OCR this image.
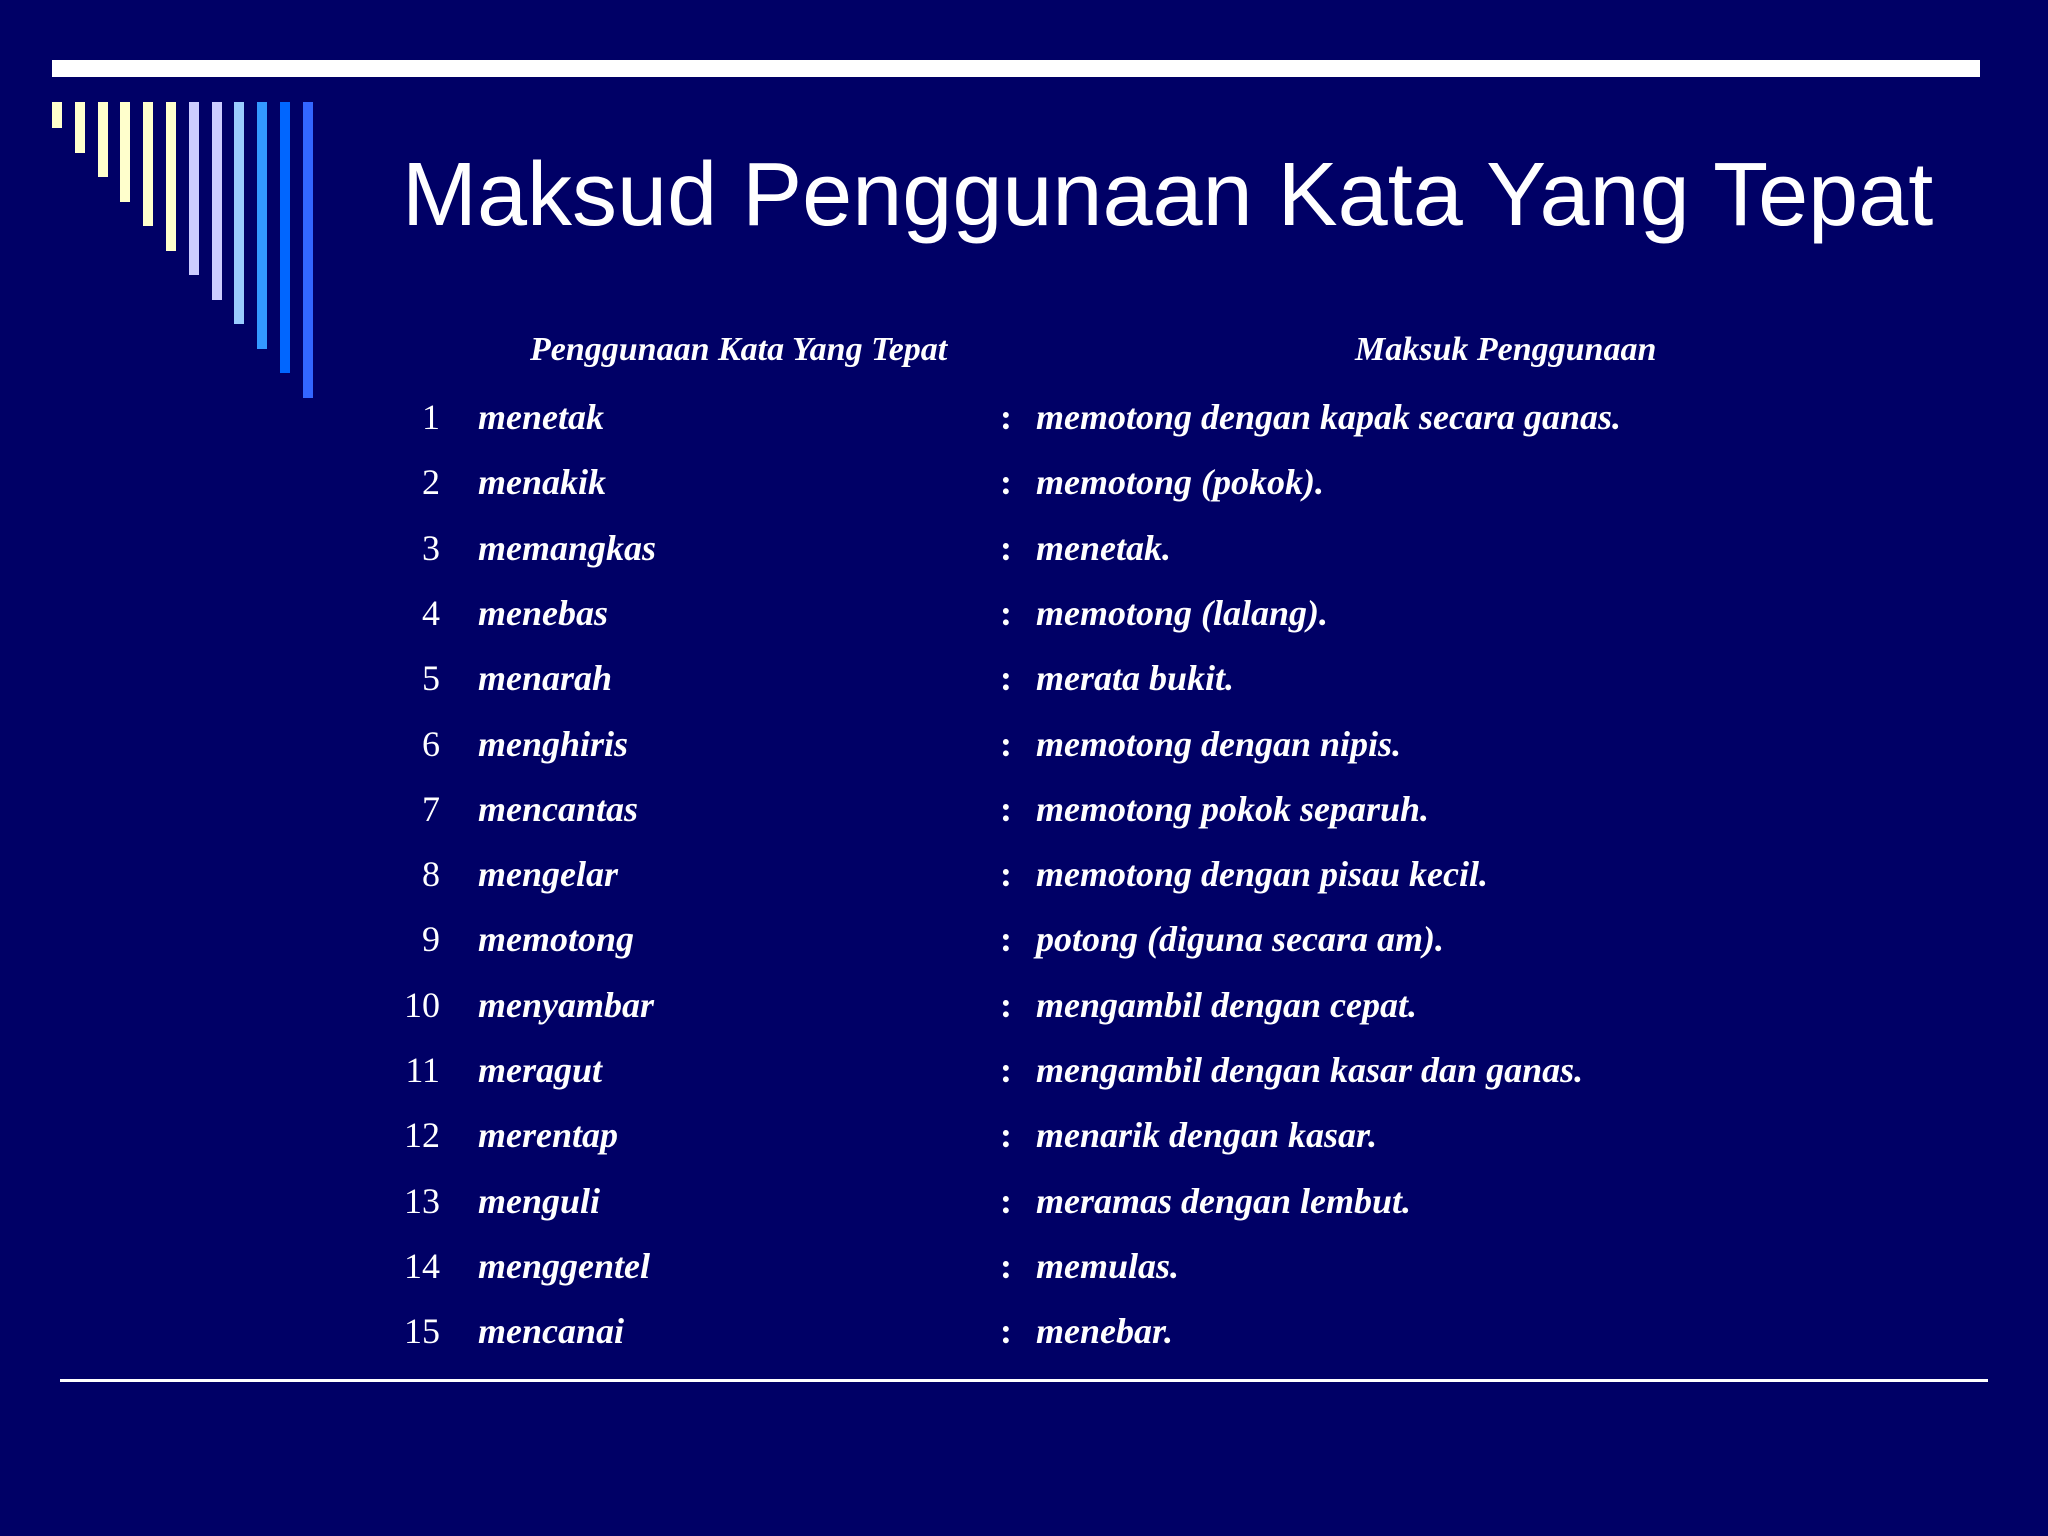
Maksud Penggunaan Kata Yang Tepat
Penggunaan Kata Yang Tepat	Maksuk Penggunaan
1 menetak	: memotong dengan kapak secara ganas.
2 menakik	: memotong (pokok).
3 memangkas	: menetak.
4 menebas	: memotong (lalang).
5 menarah	: merata bukit.
6 menghiris	: memotong dengan nipis.
7 mencantas	: memotong pokok separuh.
8 mengelar	: memotong dengan pisau kecil.
9 memotong	: potong (diguna secara am).
10 menyambar	: mengambil dengan cepat.
11 meragut	: mengambil dengan kasar dan ganas.
12 merentap	: menarik dengan kasar.
13 menguli	: meramas dengan lembut.
14 menggentel	: memulas.
15 mencanai	: menebar.
